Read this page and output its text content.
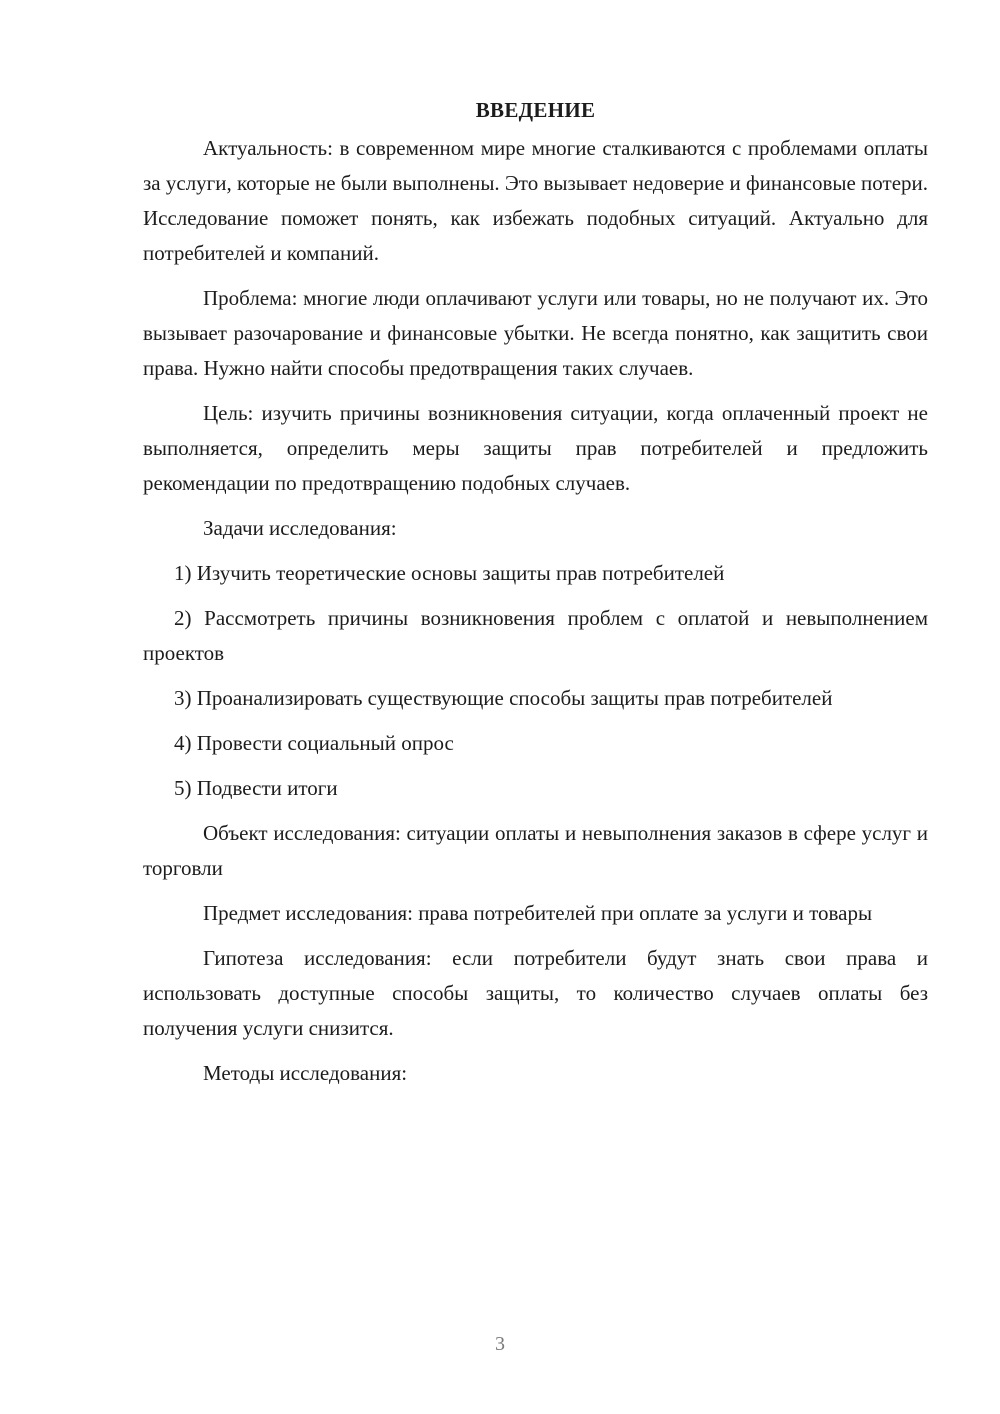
ВВЕДЕНИЕ

Актуальность: в современном мире многие сталкиваются с проблемами оплаты за услуги, которые не были выполнены. Это вызывает недоверие и финансовые потери. Исследование поможет понять, как избежать подобных ситуаций. Актуально для потребителей и компаний.

Проблема: многие люди оплачивают услуги или товары, но не получают их. Это вызывает разочарование и финансовые убытки. Не всегда понятно, как защитить свои права. Нужно найти способы предотвращения таких случаев.

Цель: изучить причины возникновения ситуации, когда оплаченный проект не выполняется, определить меры защиты прав потребителей и предложить рекомендации по предотвращению подобных случаев.

Задачи исследования:

1) Изучить теоретические основы защиты прав потребителей

2) Рассмотреть причины возникновения проблем с оплатой и невыполнением проектов

3) Проанализировать существующие способы защиты прав потребителей

4) Провести социальный опрос

5) Подвести итоги

Объект исследования: ситуации оплаты и невыполнения заказов в сфере услуг и торговли

Предмет исследования: права потребителей при оплате за услуги и товары

Гипотеза исследования: если потребители будут знать свои права и использовать доступные способы защиты, то количество случаев оплаты без получения услуги снизится.

Методы исследования:

3
